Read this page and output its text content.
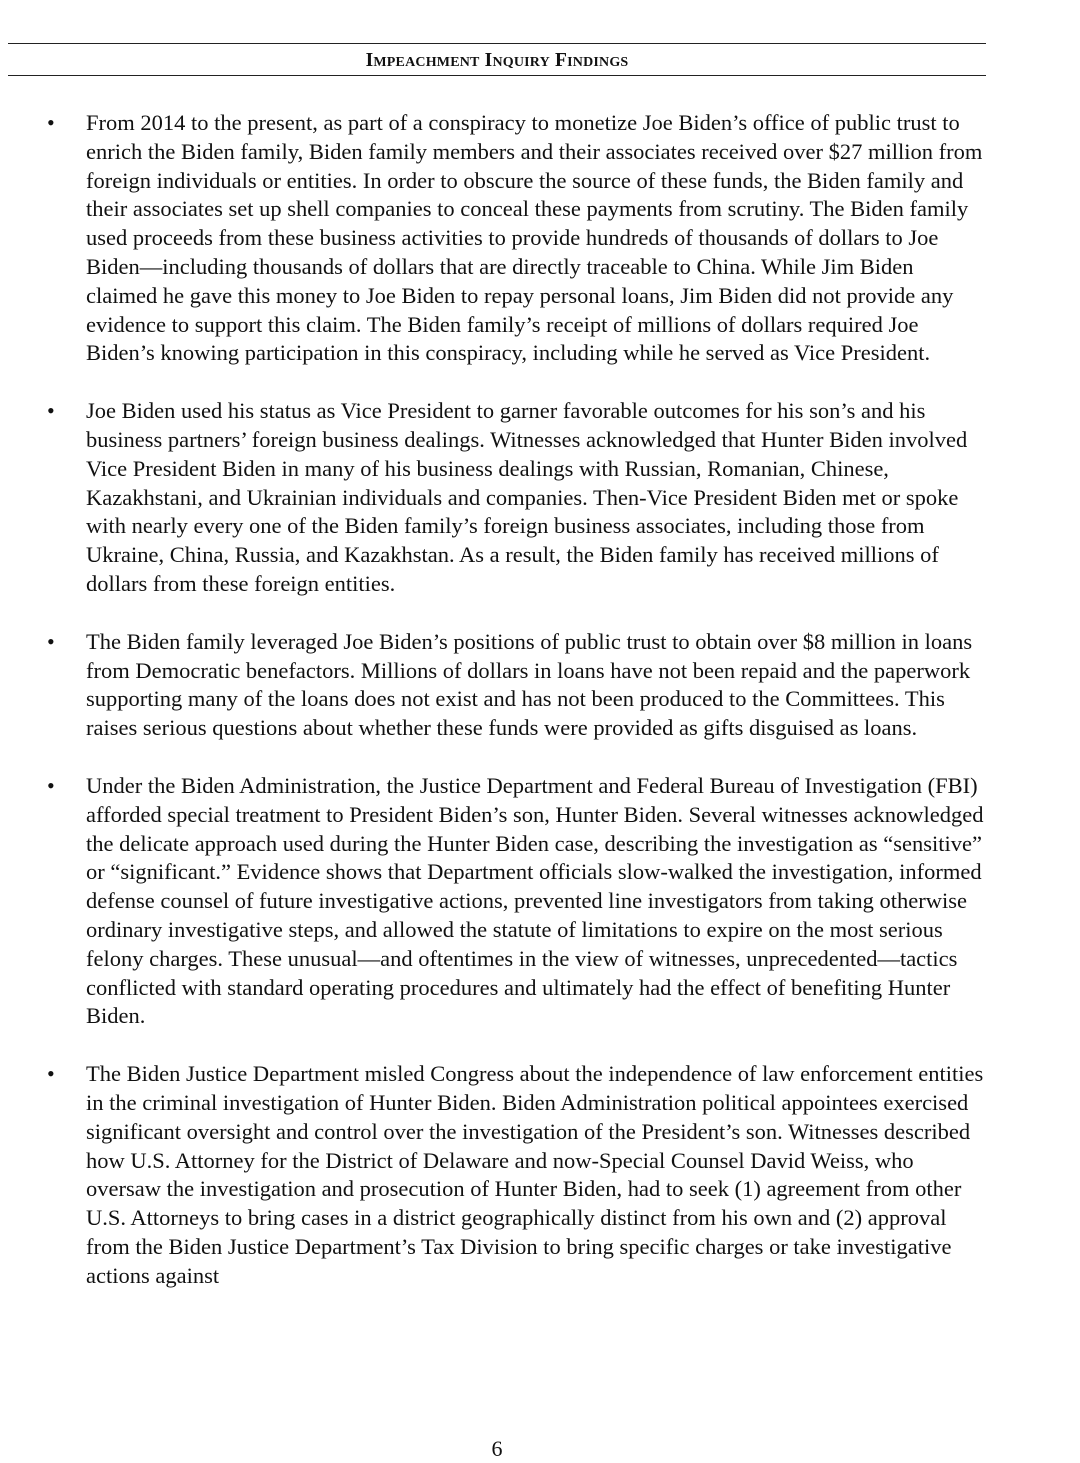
Impeachment Inquiry Findings
• From 2014 to the present, as part of a conspiracy to monetize Joe Biden’s office of public trust to enrich the Biden family, Biden family members and their associates received over $27 million from foreign individuals or entities. In order to obscure the source of these funds, the Biden family and their associates set up shell companies to conceal these payments from scrutiny. The Biden family used proceeds from these business activities to provide hundreds of thousands of dollars to Joe Biden—including thousands of dollars that are directly traceable to China. While Jim Biden claimed he gave this money to Joe Biden to repay personal loans, Jim Biden did not provide any evidence to support this claim. The Biden family’s receipt of millions of dollars required Joe Biden’s knowing participation in this conspiracy, including while he served as Vice President.
• Joe Biden used his status as Vice President to garner favorable outcomes for his son’s and his business partners’ foreign business dealings. Witnesses acknowledged that Hunter Biden involved Vice President Biden in many of his business dealings with Russian, Romanian, Chinese, Kazakhstani, and Ukrainian individuals and companies. Then-Vice President Biden met or spoke with nearly every one of the Biden family’s foreign business associates, including those from Ukraine, China, Russia, and Kazakhstan. As a result, the Biden family has received millions of dollars from these foreign entities.
• The Biden family leveraged Joe Biden’s positions of public trust to obtain over $8 million in loans from Democratic benefactors. Millions of dollars in loans have not been repaid and the paperwork supporting many of the loans does not exist and has not been produced to the Committees. This raises serious questions about whether these funds were provided as gifts disguised as loans.
• Under the Biden Administration, the Justice Department and Federal Bureau of Investigation (FBI) afforded special treatment to President Biden’s son, Hunter Biden. Several witnesses acknowledged the delicate approach used during the Hunter Biden case, describing the investigation as “sensitive” or “significant.” Evidence shows that Department officials slow-walked the investigation, informed defense counsel of future investigative actions, prevented line investigators from taking otherwise ordinary investigative steps, and allowed the statute of limitations to expire on the most serious felony charges. These unusual—and oftentimes in the view of witnesses, unprecedented—tactics conflicted with standard operating procedures and ultimately had the effect of benefiting Hunter Biden.
• The Biden Justice Department misled Congress about the independence of law enforcement entities in the criminal investigation of Hunter Biden. Biden Administration political appointees exercised significant oversight and control over the investigation of the President’s son. Witnesses described how U.S. Attorney for the District of Delaware and now-Special Counsel David Weiss, who oversaw the investigation and prosecution of Hunter Biden, had to seek (1) agreement from other U.S. Attorneys to bring cases in a district geographically distinct from his own and (2) approval from the Biden Justice Department’s Tax Division to bring specific charges or take investigative actions against
6
